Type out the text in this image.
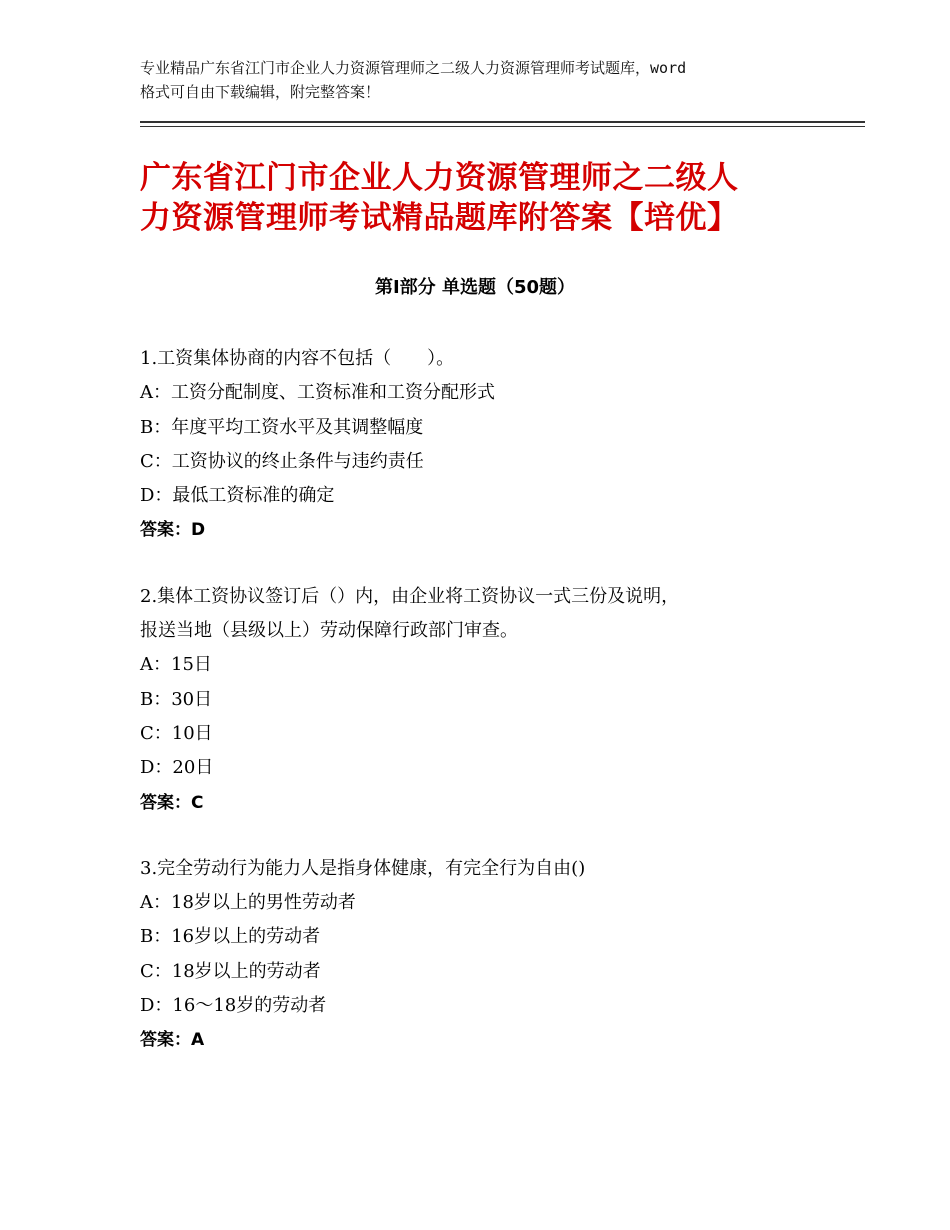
专业精品广东省江门市企业人力资源管理师之二级人力资源管理师考试题库，word

格式可自由下载编辑，附完整答案！

广东省江门市企业人力资源管理师之二级人

力资源管理师考试精品题库附答案【培优】

第Ⅰ部分 单选题（50题）

1.工资集体协商的内容不包括（　　）。

A：工资分配制度、工资标准和工资分配形式

B：年度平均工资水平及其调整幅度

C：工资协议的终止条件与违约责任

D：最低工资标准的确定

答案：D

2.集体工资协议签订后（）内，由企业将工资协议一式三份及说明，

报送当地（县级以上）劳动保障行政部门审查。

A：15日

B：30日

C：10日

D：20日

答案：C

3.完全劳动行为能力人是指身体健康，有完全行为自由()

A：18岁以上的男性劳动者

B：16岁以上的劳动者

C：18岁以上的劳动者

D：16～18岁的劳动者

答案：A
